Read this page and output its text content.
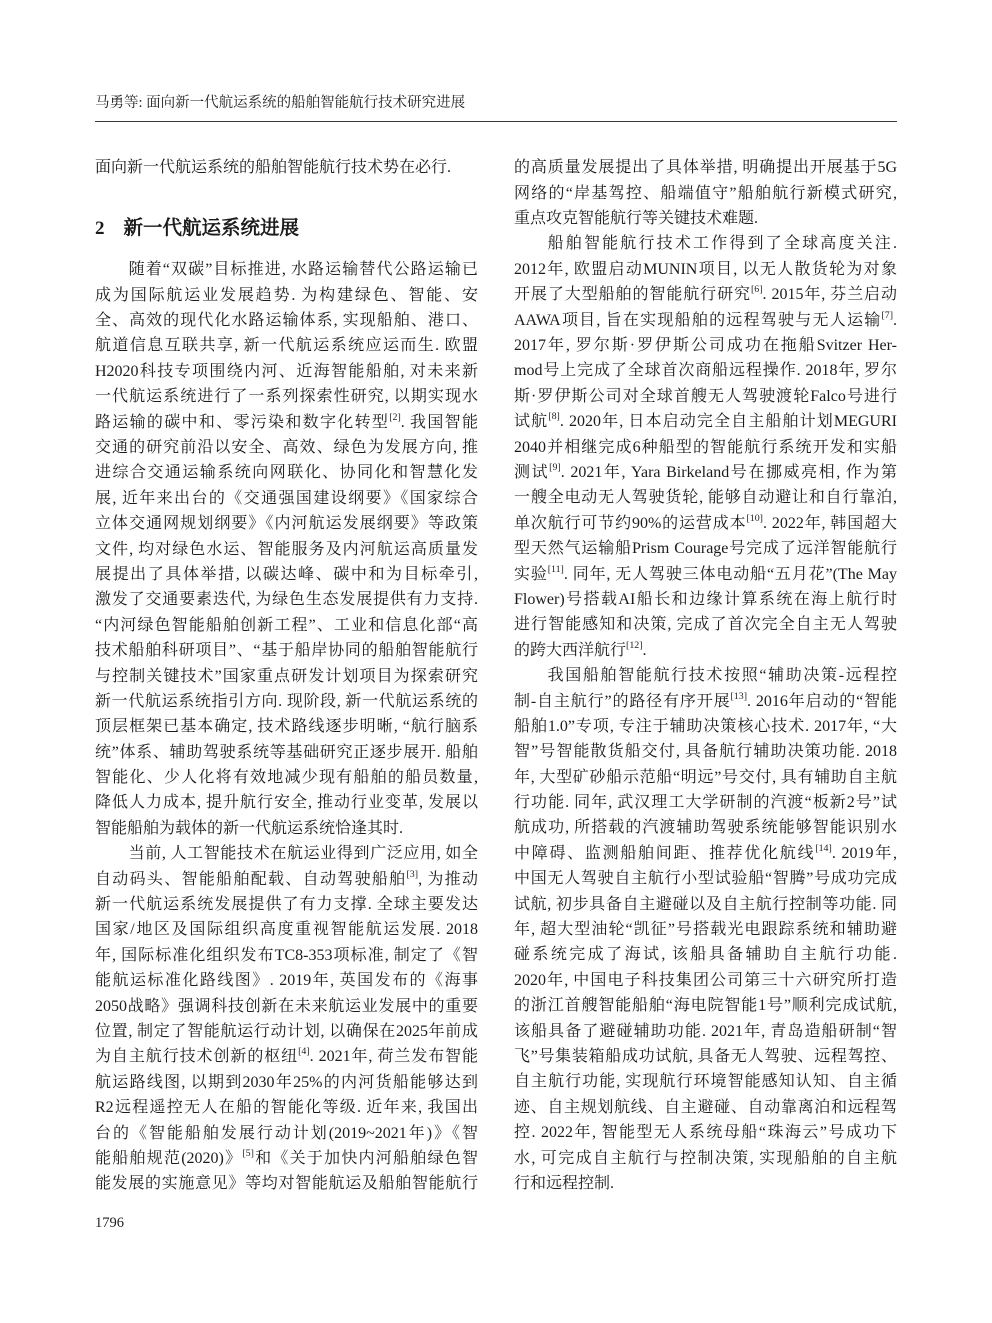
马勇等: 面向新一代航运系统的船舶智能航行技术研究进展
面向新一代航运系统的船舶智能航行技术势在必行.
2 新一代航运系统进展
随着“双碳”目标推进, 水路运输替代公路运输已
成为国际航运业发展趋势. 为构建绿色、智能、安
全、高效的现代化水路运输体系, 实现船舶、港口、
航道信息互联共享, 新一代航运系统应运而生. 欧盟
H2020科技专项围绕内河、近海智能船舶, 对未来新
一代航运系统进行了一系列探索性研究, 以期实现水
路运输的碳中和、零污染和数字化转型[2]. 我国智能
交通的研究前沿以安全、高效、绿色为发展方向, 推
进综合交通运输系统向网联化、协同化和智慧化发
展, 近年来出台的《交通强国建设纲要》《国家综合
立体交通网规划纲要》《内河航运发展纲要》等政策
文件, 均对绿色水运、智能服务及内河航运高质量发
展提出了具体举措, 以碳达峰、碳中和为目标牵引,
激发了交通要素迭代, 为绿色生态发展提供有力支持.
“内河绿色智能船舶创新工程”、工业和信息化部“高
技术船舶科研项目”、“基于船岸协同的船舶智能航行
与控制关键技术”国家重点研发计划项目为探索研究
新一代航运系统指引方向. 现阶段, 新一代航运系统的
顶层框架已基本确定, 技术路线逐步明晰, “航行脑系
统”体系、辅助驾驶系统等基础研究正逐步展开. 船舶
智能化、少人化将有效地减少现有船舶的船员数量,
降低人力成本, 提升航行安全, 推动行业变革, 发展以
智能船舶为载体的新一代航运系统恰逢其时.
当前, 人工智能技术在航运业得到广泛应用, 如全
自动码头、智能船舶配载、自动驾驶船舶[3], 为推动
新一代航运系统发展提供了有力支撑. 全球主要发达
国家/地区及国际组织高度重视智能航运发展. 2018
年, 国际标准化组织发布TC8-353项标准, 制定了《智
能航运标准化路线图》. 2019年, 英国发布的《海事
2050战略》强调科技创新在未来航运业发展中的重要
位置, 制定了智能航运行动计划, 以确保在2025年前成
为自主航行技术创新的枢纽[4]. 2021年, 荷兰发布智能
航运路线图, 以期到2030年25%的内河货船能够达到
R2远程遥控无人在船的智能化等级. 近年来, 我国出
台的《智能船舶发展行动计划(2019~2021年)》《智
能船舶规范(2020)》[5]和《关于加快内河船舶绿色智
能发展的实施意见》等均对智能航运及船舶智能航行
的高质量发展提出了具体举措, 明确提出开展基于5G
网络的“岸基驾控、船端值守”船舶航行新模式研究,
重点攻克智能航行等关键技术难题.
船舶智能航行技术工作得到了全球高度关注.
2012年, 欧盟启动MUNIN项目, 以无人散货轮为对象
开展了大型船舶的智能航行研究[6]. 2015年, 芬兰启动
AAWA项目, 旨在实现船舶的远程驾驶与无人运输[7].
2017年, 罗尔斯·罗伊斯公司成功在拖船Svitzer Her-
mod号上完成了全球首次商船远程操作. 2018年, 罗尔
斯·罗伊斯公司对全球首艘无人驾驶渡轮Falco号进行
试航[8]. 2020年, 日本启动完全自主船舶计划MEGURI
2040并相继完成6种船型的智能航行系统开发和实船
测试[9]. 2021年, Yara Birkeland号在挪威亮相, 作为第
一艘全电动无人驾驶货轮, 能够自动避让和自行靠泊,
单次航行可节约90%的运营成本[10]. 2022年, 韩国超大
型天然气运输船Prism Courage号完成了远洋智能航行
实验[11]. 同年, 无人驾驶三体电动船“五月花”(The May
Flower)号搭载AI船长和边缘计算系统在海上航行时
进行智能感知和决策, 完成了首次完全自主无人驾驶
的跨大西洋航行[12].
我国船舶智能航行技术按照“辅助决策-远程控
制-自主航行”的路径有序开展[13]. 2016年启动的“智能
船舶1.0”专项, 专注于辅助决策核心技术. 2017年, “大
智”号智能散货船交付, 具备航行辅助决策功能. 2018
年, 大型矿砂船示范船“明远”号交付, 具有辅助自主航
行功能. 同年, 武汉理工大学研制的汽渡“板新2号”试
航成功, 所搭载的汽渡辅助驾驶系统能够智能识别水
中障碍、监测船舶间距、推荐优化航线[14]. 2019年,
中国无人驾驶自主航行小型试验船“智腾”号成功完成
试航, 初步具备自主避碰以及自主航行控制等功能. 同
年, 超大型油轮“凯征”号搭载光电跟踪系统和辅助避
碰系统完成了海试, 该船具备辅助自主航行功能.
2020年, 中国电子科技集团公司第三十六研究所打造
的浙江首艘智能船舶“海电院智能1号”顺利完成试航,
该船具备了避碰辅助功能. 2021年, 青岛造船研制“智
飞”号集装箱船成功试航, 具备无人驾驶、远程驾控、
自主航行功能, 实现航行环境智能感知认知、自主循
迹、自主规划航线、自主避碰、自动靠离泊和远程驾
控. 2022年, 智能型无人系统母船“珠海云”号成功下
水, 可完成自主航行与控制决策, 实现船舶的自主航
行和远程控制.
1796
